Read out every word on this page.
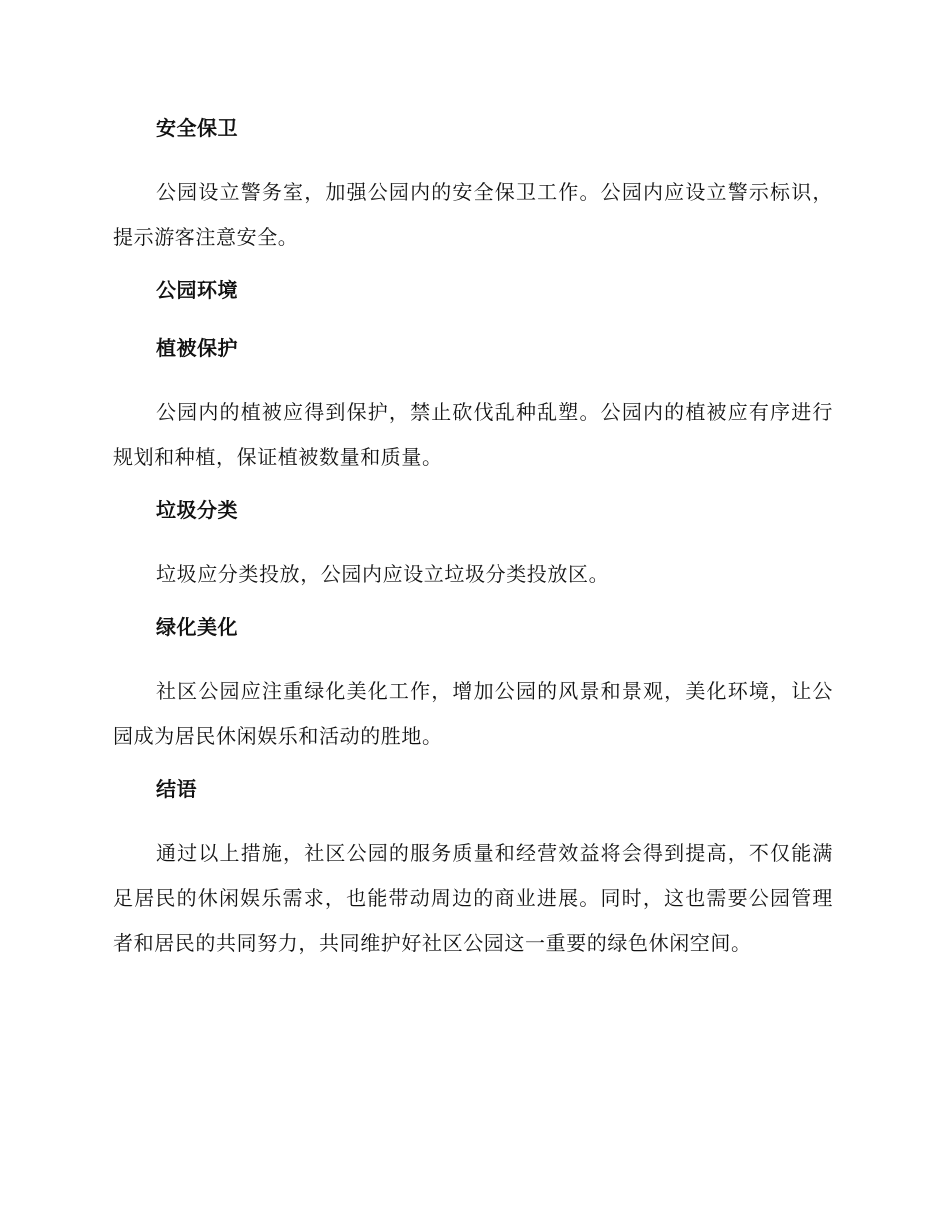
安全保卫

公园设立警务室，加强公园内的安全保卫工作。公园内应设立警示标识，提示游客注意安全。

公园环境
植被保护

公园内的植被应得到保护，禁止砍伐乱种乱塑。公园内的植被应有序进行规划和种植，保证植被数量和质量。

垃圾分类

垃圾应分类投放，公园内应设立垃圾分类投放区。

绿化美化

社区公园应注重绿化美化工作，增加公园的风景和景观，美化环境，让公园成为居民休闲娱乐和活动的胜地。

结语

通过以上措施，社区公园的服务质量和经营效益将会得到提高，不仅能满足居民的休闲娱乐需求，也能带动周边的商业进展。同时，这也需要公园管理者和居民的共同努力，共同维护好社区公园这一重要的绿色休闲空间。
